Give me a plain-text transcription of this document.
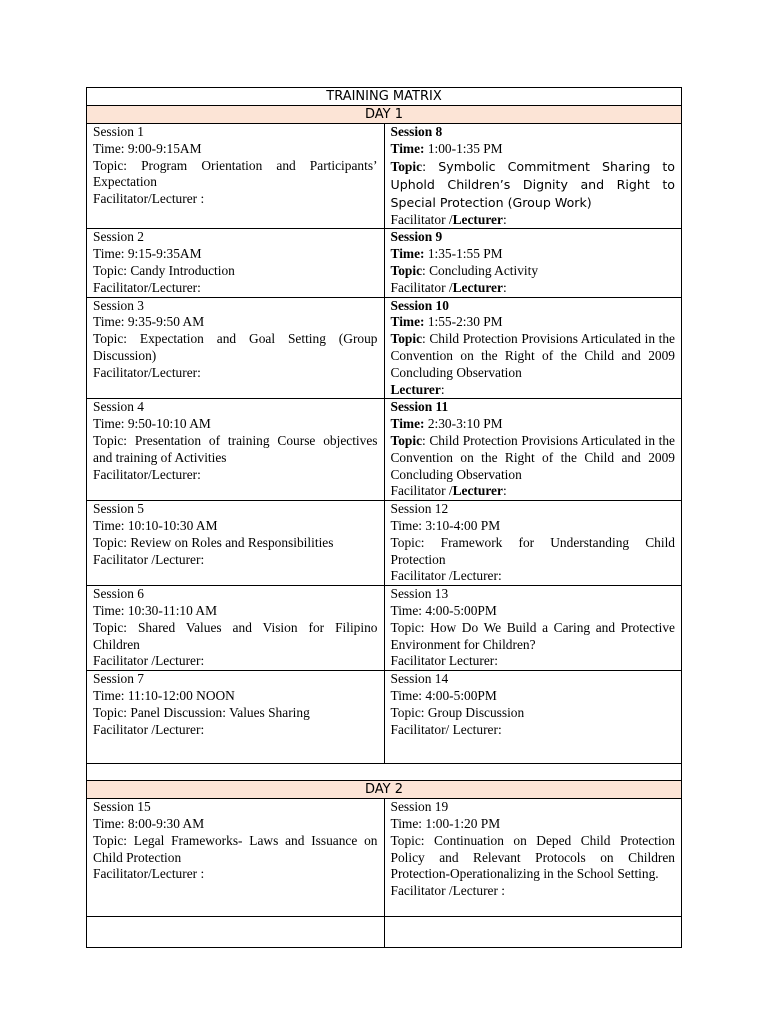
TRAINING MATRIX	
DAY 1	

Session 1
Time: 9:00-9:15AM
Topic: Program Orientation and Participants’ Expectation
Facilitator/Lecturer :	Session 8
Time: 1:00-1:35 PM
Topic: Symbolic Commitment Sharing to Uphold Children’s Dignity and Right to Special Protection (Group Work)
Facilitator /Lecturer:

Session 2
Time: 9:15-9:35AM
Topic: Candy Introduction
Facilitator/Lecturer:	Session 9
Time: 1:35-1:55 PM
Topic: Concluding Activity
Facilitator /Lecturer:

Session 3
Time: 9:35-9:50 AM
Topic: Expectation and Goal Setting (Group Discussion)
Facilitator/Lecturer:	Session 10
Time: 1:55-2:30 PM
Topic: Child Protection Provisions Articulated in the Convention on the Right of the Child and 2009 Concluding Observation
Lecturer:

Session 4
Time: 9:50-10:10 AM
Topic: Presentation of training Course objectives and training of Activities
Facilitator/Lecturer:	Session 11
Time: 2:30-3:10 PM
Topic: Child Protection Provisions Articulated in the Convention on the Right of the Child and 2009 Concluding Observation
Facilitator /Lecturer:

Session 5
Time: 10:10-10:30 AM
Topic: Review on Roles and Responsibilities
Facilitator /Lecturer:	Session 12
Time: 3:10-4:00 PM
Topic: Framework for Understanding Child Protection
Facilitator /Lecturer:

Session 6
Time: 10:30-11:10 AM
Topic: Shared Values and Vision for Filipino Children
Facilitator /Lecturer:	Session 13
Time: 4:00-5:00PM
Topic: How Do We Build a Caring and Protective Environment for Children?
Facilitator Lecturer:

Session 7
Time: 11:10-12:00 NOON
Topic: Panel Discussion: Values Sharing
Facilitator /Lecturer:	Session 14
Time: 4:00-5:00PM
Topic: Group Discussion
Facilitator/ Lecturer:

DAY 2	

Session 15
Time: 8:00-9:30 AM
Topic: Legal Frameworks- Laws and Issuance on Child Protection
Facilitator/Lecturer :	Session 19
Time: 1:00-1:20 PM
Topic: Continuation on Deped Child Protection Policy and Relevant Protocols on Children Protection-Operationalizing in the School Setting.
Facilitator /Lecturer :
